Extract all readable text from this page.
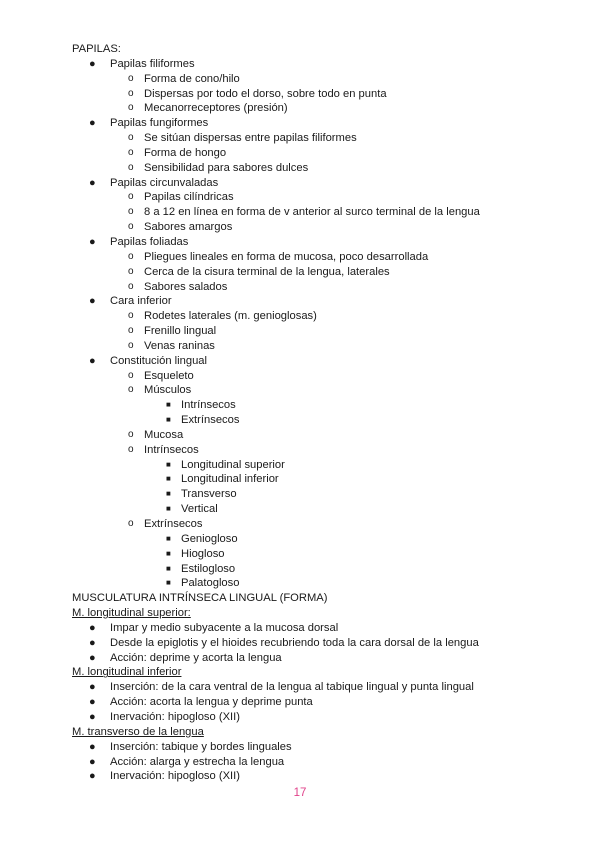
PAPILAS:
● Papilas filiformes
o Forma de cono/hilo
o Dispersas por todo el dorso, sobre todo en punta
o Mecanorreceptores (presión)
● Papilas fungiformes
o Se sitúan dispersas entre papilas filiformes
o Forma de hongo
o Sensibilidad para sabores dulces
● Papilas circunvaladas
o Papilas cilíndricas
o 8 a 12 en línea en forma de v anterior al surco terminal de la lengua
o Sabores amargos
● Papilas foliadas
o Pliegues lineales en forma de mucosa, poco desarrollada
o Cerca de la cisura terminal de la lengua, laterales
o Sabores salados
● Cara inferior
o Rodetes laterales (m. genioglosas)
o Frenillo lingual
o Venas raninas
● Constitución lingual
o Esqueleto
o Músculos
■ Intrínsecos
■ Extrínsecos
o Mucosa
o Intrínsecos
■ Longitudinal superior
■ Longitudinal inferior
■ Transverso
■ Vertical
o Extrínsecos
■ Geniogloso
■ Hiogloso
■ Estilogloso
■ Palatogloso
MUSCULATURA INTRÍNSECA LINGUAL (FORMA)
M. longitudinal superior:
● Impar y medio subyacente a la mucosa dorsal
● Desde la epiglotis y el hioides recubriendo toda la cara dorsal de la lengua
● Acción: deprime y acorta la lengua
M. longitudinal inferior
● Inserción: de la cara ventral de la lengua al tabique lingual y punta lingual
● Acción: acorta la lengua y deprime punta
● Inervación: hipogloso (XII)
M. transverso de la lengua
● Inserción: tabique y bordes linguales
● Acción: alarga y estrecha la lengua
● Inervación: hipogloso (XII)
17
